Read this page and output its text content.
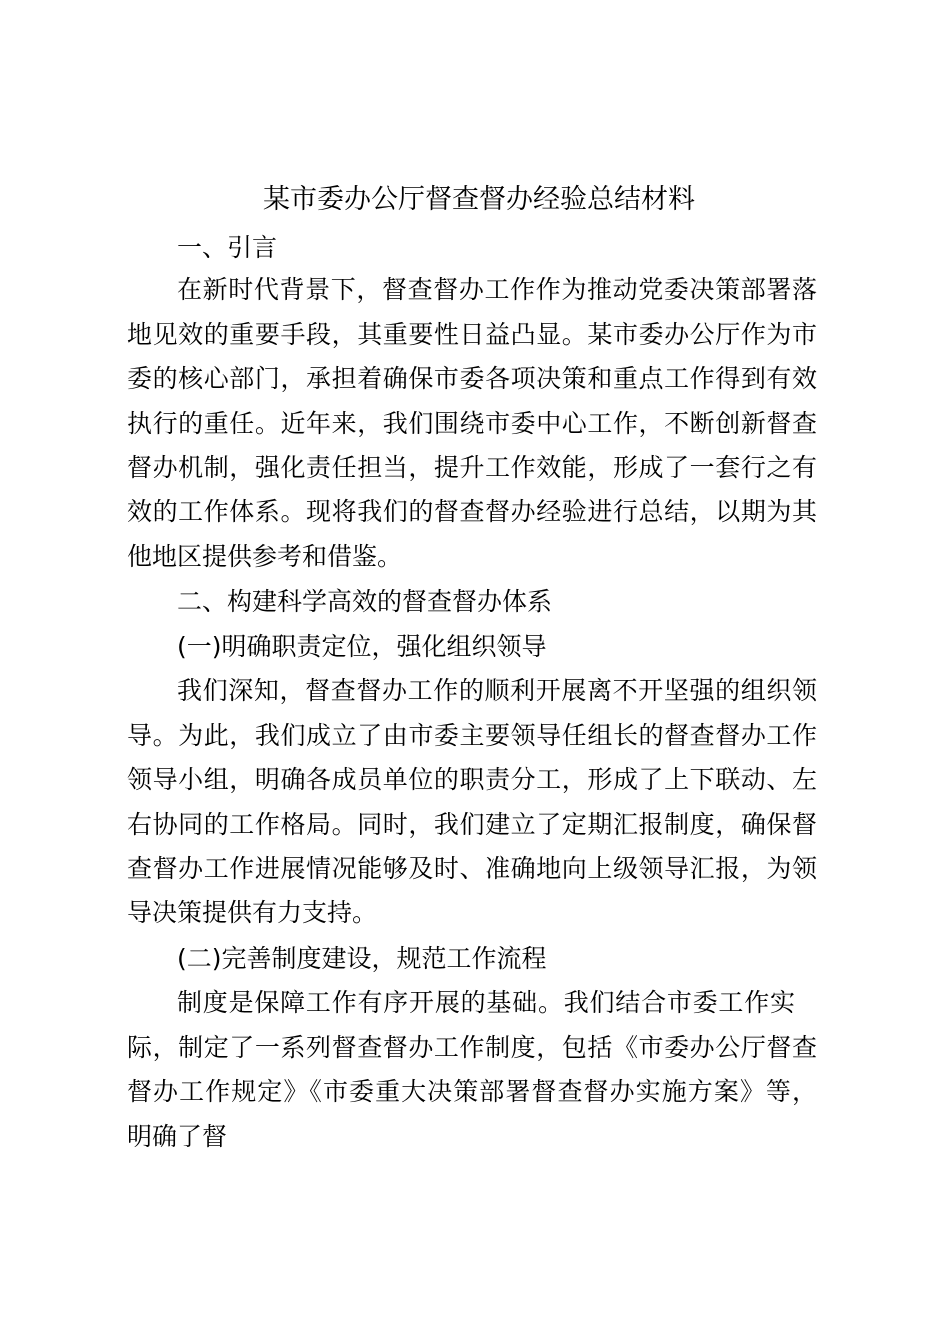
某市委办公厅督查督办经验总结材料
一、引言
在新时代背景下，督查督办工作作为推动党委决策部署落
地见效的重要手段，其重要性日益凸显。某市委办公厅作为市
委的核心部门，承担着确保市委各项决策和重点工作得到有效
执行的重任。近年来，我们围绕市委中心工作，不断创新督查
督办机制，强化责任担当，提升工作效能，形成了一套行之有
效的工作体系。现将我们的督查督办经验进行总结，以期为其
他地区提供参考和借鉴。
二、构建科学高效的督查督办体系
(一)明确职责定位，强化组织领导
我们深知，督查督办工作的顺利开展离不开坚强的组织领
导。为此，我们成立了由市委主要领导任组长的督查督办工作
领导小组，明确各成员单位的职责分工，形成了上下联动、左
右协同的工作格局。同时，我们建立了定期汇报制度，确保督
查督办工作进展情况能够及时、准确地向上级领导汇报，为领
导决策提供有力支持。
(二)完善制度建设，规范工作流程
制度是保障工作有序开展的基础。我们结合市委工作实
际，制定了一系列督查督办工作制度，包括《市委办公厅督查
督办工作规定》《市委重大决策部署督查督办实施方案》等，
明确了督
